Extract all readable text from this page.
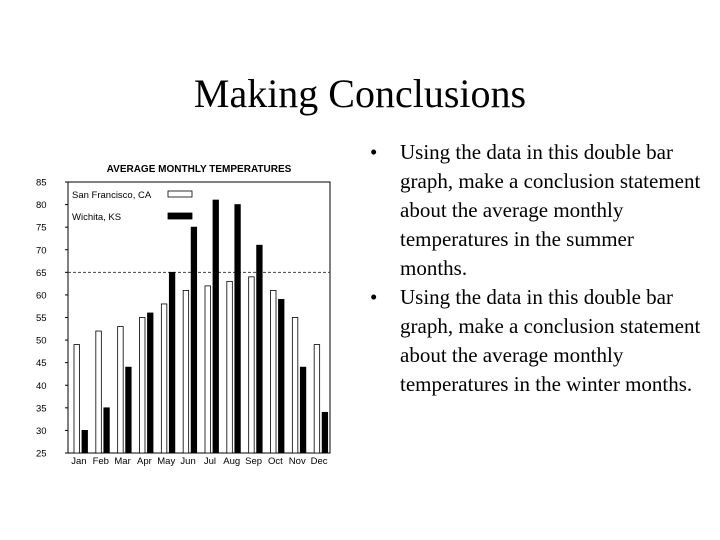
Making Conclusions
AVERAGE MONTHLY TEMPERATURES
25
30
35
40
45
50
55
60
65
70
75
80
85
Jan Feb Mar Apr May Jun Jul Aug Sep Oct Nov Dec
San Francisco, CA
Wichita, KS
• Using the data in this double bar graph, make a conclusion statement about the average monthly temperatures in the summer months.
• Using the data in this double bar graph, make a conclusion statement about the average monthly temperatures in the winter months.
